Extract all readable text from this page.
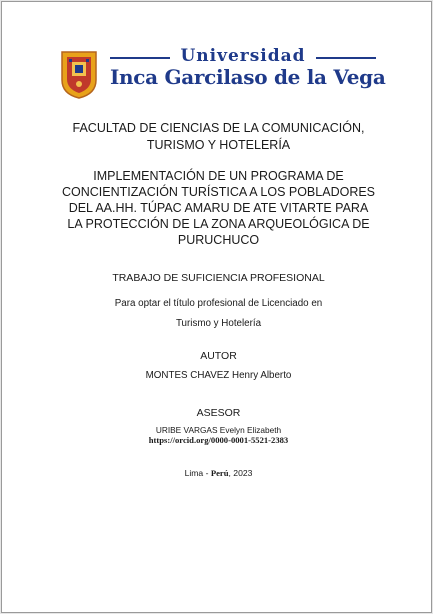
Universidad
Inca Garcilaso de la Vega
FACULTAD DE CIENCIAS DE LA COMUNICACIÓN,
TURISMO Y HOTELERÍA
IMPLEMENTACIÓN DE UN PROGRAMA DE
CONCIENTIZACIÓN TURÍSTICA A LOS POBLADORES
DEL AA.HH. TÚPAC AMARU DE ATE VITARTE PARA
LA PROTECCIÓN DE LA ZONA ARQUEOLÓGICA DE
PURUCHUCO
TRABAJO DE SUFICIENCIA PROFESIONAL
Para optar el título profesional de Licenciado en
Turismo y Hotelería
AUTOR
MONTES CHAVEZ Henry Alberto
ASESOR
URIBE VARGAS Evelyn Elizabeth
https://orcid.org/0000-0001-5521-2383
Lima - Perú, 2023
